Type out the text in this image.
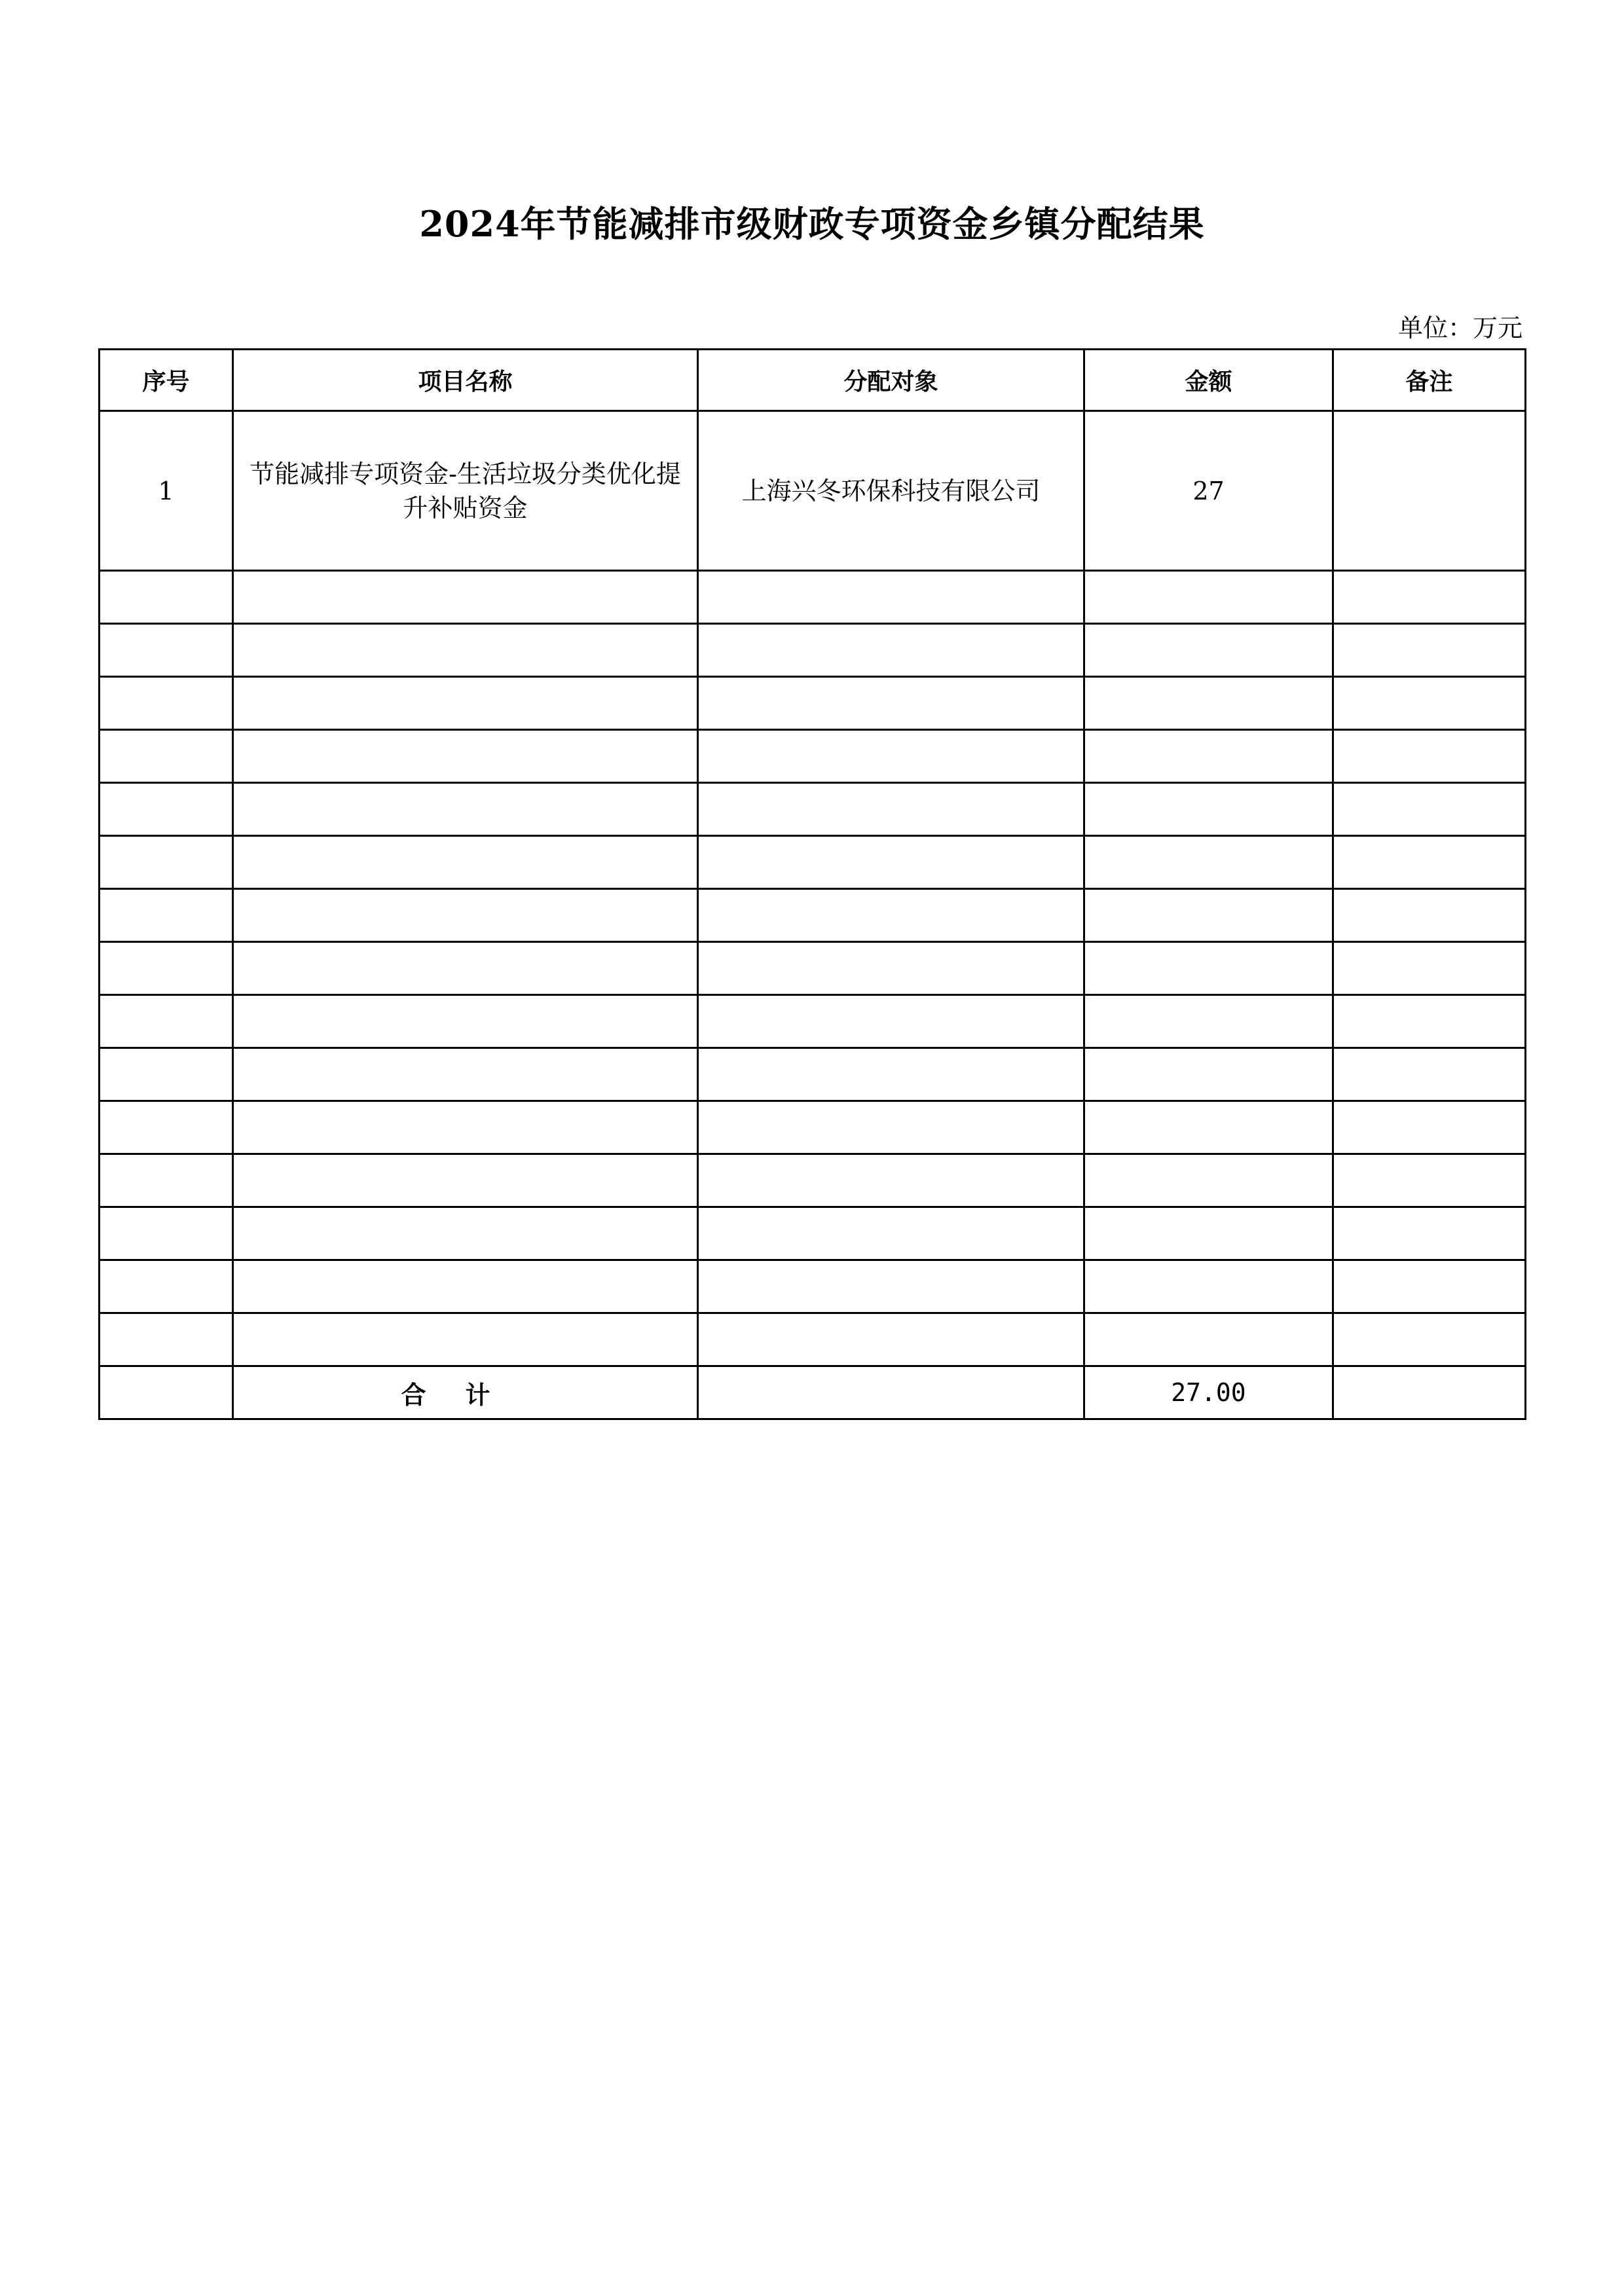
2024年节能减排市级财政专项资金乡镇分配结果
单位：万元
序号	项目名称	分配对象	金额	备注
1	节能减排专项资金-生活垃圾分类优化提升补贴资金	上海兴冬环保科技有限公司	27	

	合计		27.00	
